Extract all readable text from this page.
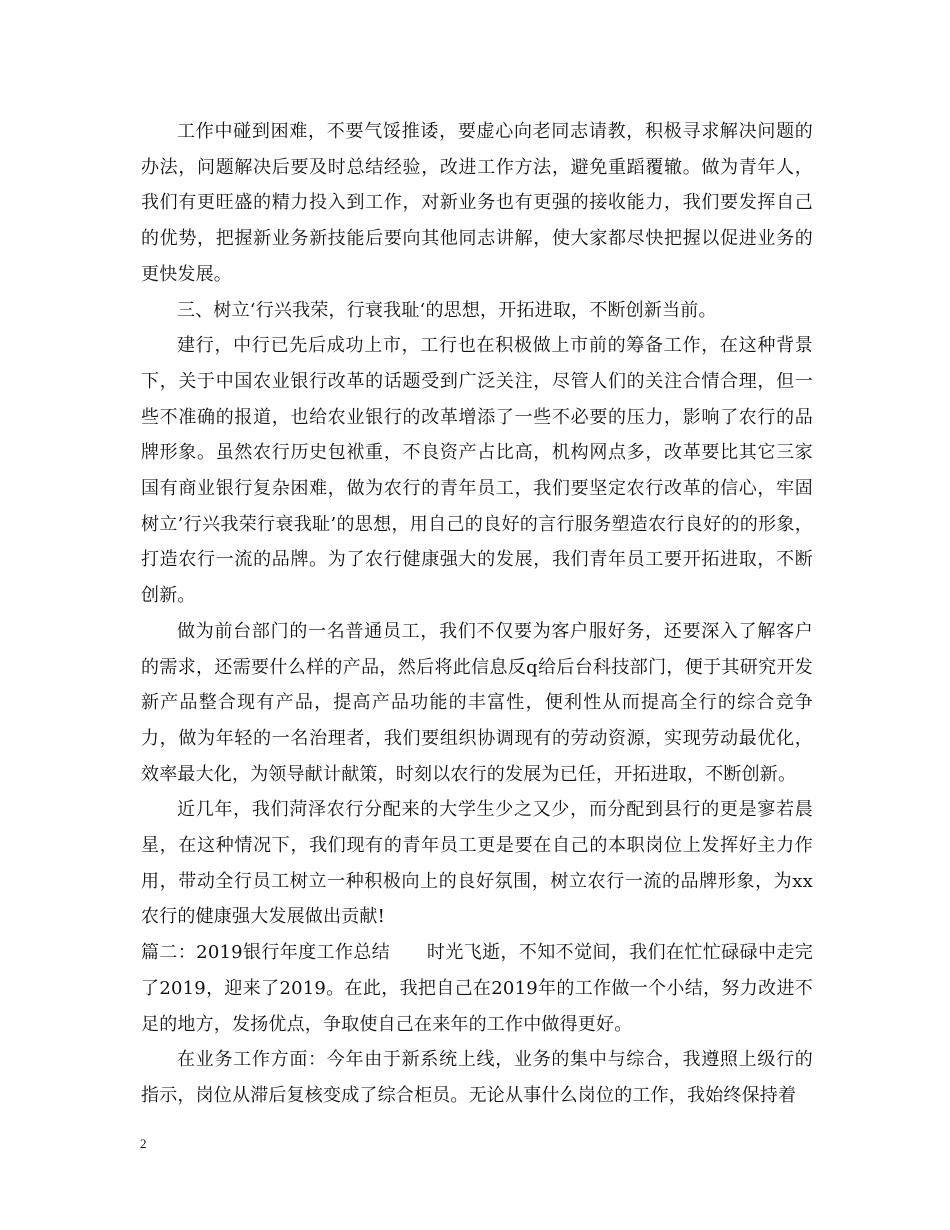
工作中碰到困难，不要气馁推诿，要虚心向老同志请教，积极寻求解决问题的办法，问题解决后要及时总结经验，改进工作方法，避免重蹈覆辙。做为青年人，我们有更旺盛的精力投入到工作，对新业务也有更强的接收能力，我们要发挥自己的优势，把握新业务新技能后要向其他同志讲解，使大家都尽快把握以促进业务的更快发展。

三、树立‘行兴我荣，行衰我耻‘的思想，开拓进取，不断创新当前。

建行，中行已先后成功上市，工行也在积极做上市前的筹备工作，在这种背景下，关于中国农业银行改革的话题受到广泛关注，尽管人们的关注合情合理，但一些不准确的报道，也给农业银行的改革增添了一些不必要的压力，影响了农行的品牌形象。虽然农行历史包袱重，不良资产占比高，机构网点多，改革要比其它三家国有商业银行复杂困难，做为农行的青年员工，我们要坚定农行改革的信心，牢固树立’行兴我荣行衰我耻’的思想，用自己的良好的言行服务塑造农行良好的的形象，打造农行一流的品牌。为了农行健康强大的发展，我们青年员工要开拓进取，不断创新。

做为前台部门的一名普通员工，我们不仅要为客户服好务，还要深入了解客户的需求，还需要什么样的产品，然后将此信息反q给后台科技部门，便于其研究开发新产品整合现有产品，提高产品功能的丰富性，便利性从而提高全行的综合竞争力，做为年轻的一名治理者，我们要组织协调现有的劳动资源，实现劳动最优化，效率最大化，为领导献计献策，时刻以农行的发展为已任，开拓进取，不断创新。

近几年，我们菏泽农行分配来的大学生少之又少，而分配到县行的更是寥若晨星，在这种情况下，我们现有的青年员工更是要在自己的本职岗位上发挥好主力作用，带动全行员工树立一种积极向上的良好氛围，树立农行一流的品牌形象，为xx农行的健康强大发展做出贡献!

篇二：2019银行年度工作总结　　时光飞逝，不知不觉间，我们在忙忙碌碌中走完了2019，迎来了2019。在此，我把自己在2019年的工作做一个小结，努力改进不足的地方，发扬优点，争取使自己在来年的工作中做得更好。

在业务工作方面：今年由于新系统上线，业务的集中与综合，我遵照上级行的指示，岗位从滞后复核变成了综合柜员。无论从事什么岗位的工作，我始终保持着

2
